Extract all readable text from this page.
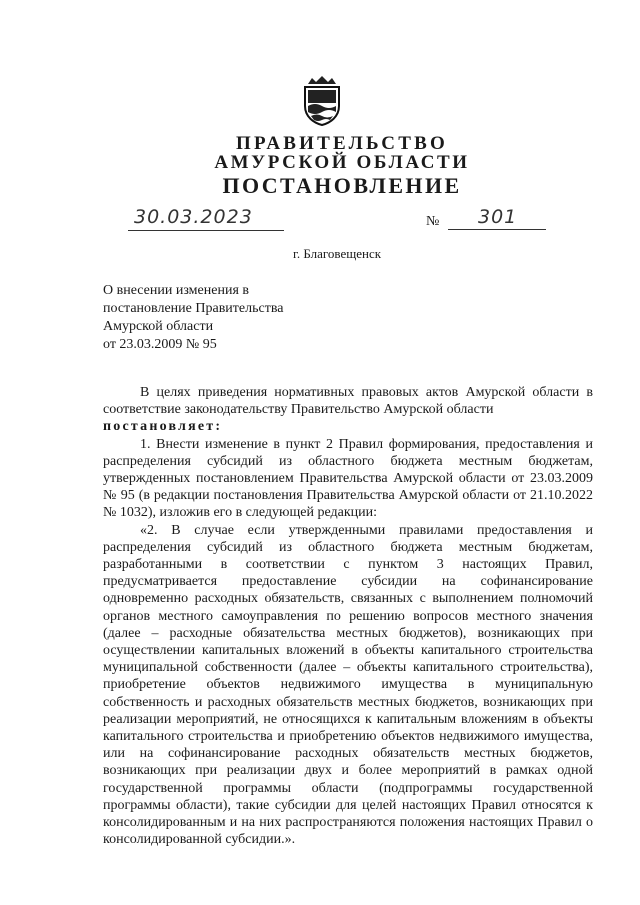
ПРАВИТЕЛЬСТВО
АМУРСКОЙ ОБЛАСТИ
ПОСТАНОВЛЕНИЕ
30.03.2023	№	301
г. Благовещенск
О внесении изменения в
постановление Правительства
Амурской области
от 23.03.2009 № 95

В целях приведения нормативных правовых актов Амурской области в соответствие законодательству Правительство Амурской области

постановляет:

1. Внести изменение в пункт 2 Правил формирования, предоставления и распределения субсидий из областного бюджета местным бюджетам, утвержденных постановлением Правительства Амурской области от 23.03.2009 № 95 (в редакции постановления Правительства Амурской области от 21.10.2022 № 1032), изложив его в следующей редакции:

«2. В случае если утвержденными правилами предоставления и распределения субсидий из областного бюджета местным бюджетам, разработанными в соответствии с пунктом 3 настоящих Правил, предусматривается предоставление субсидии на софинансирование одновременно расходных обязательств, связанных с выполнением полномочий органов местного самоуправления по решению вопросов местного значения (далее – расходные обязательства местных бюджетов), возникающих при осуществлении капитальных вложений в объекты капитального строительства муниципальной собственности (далее – объекты капитального строительства), приобретение объектов недвижимого имущества в муниципальную собственность и расходных обязательств местных бюджетов, возникающих при реализации мероприятий, не относящихся к капитальным вложениям в объекты капитального строительства и приобретению объектов недвижимого имущества, или на софинансирование расходных обязательств местных бюджетов, возникающих при реализации двух и более мероприятий в рамках одной государственной программы области (подпрограммы государственной программы области), такие субсидии для целей настоящих Правил относятся к консолидированным и на них распространяются положения настоящих Правил о консолидированной субсидии.».
